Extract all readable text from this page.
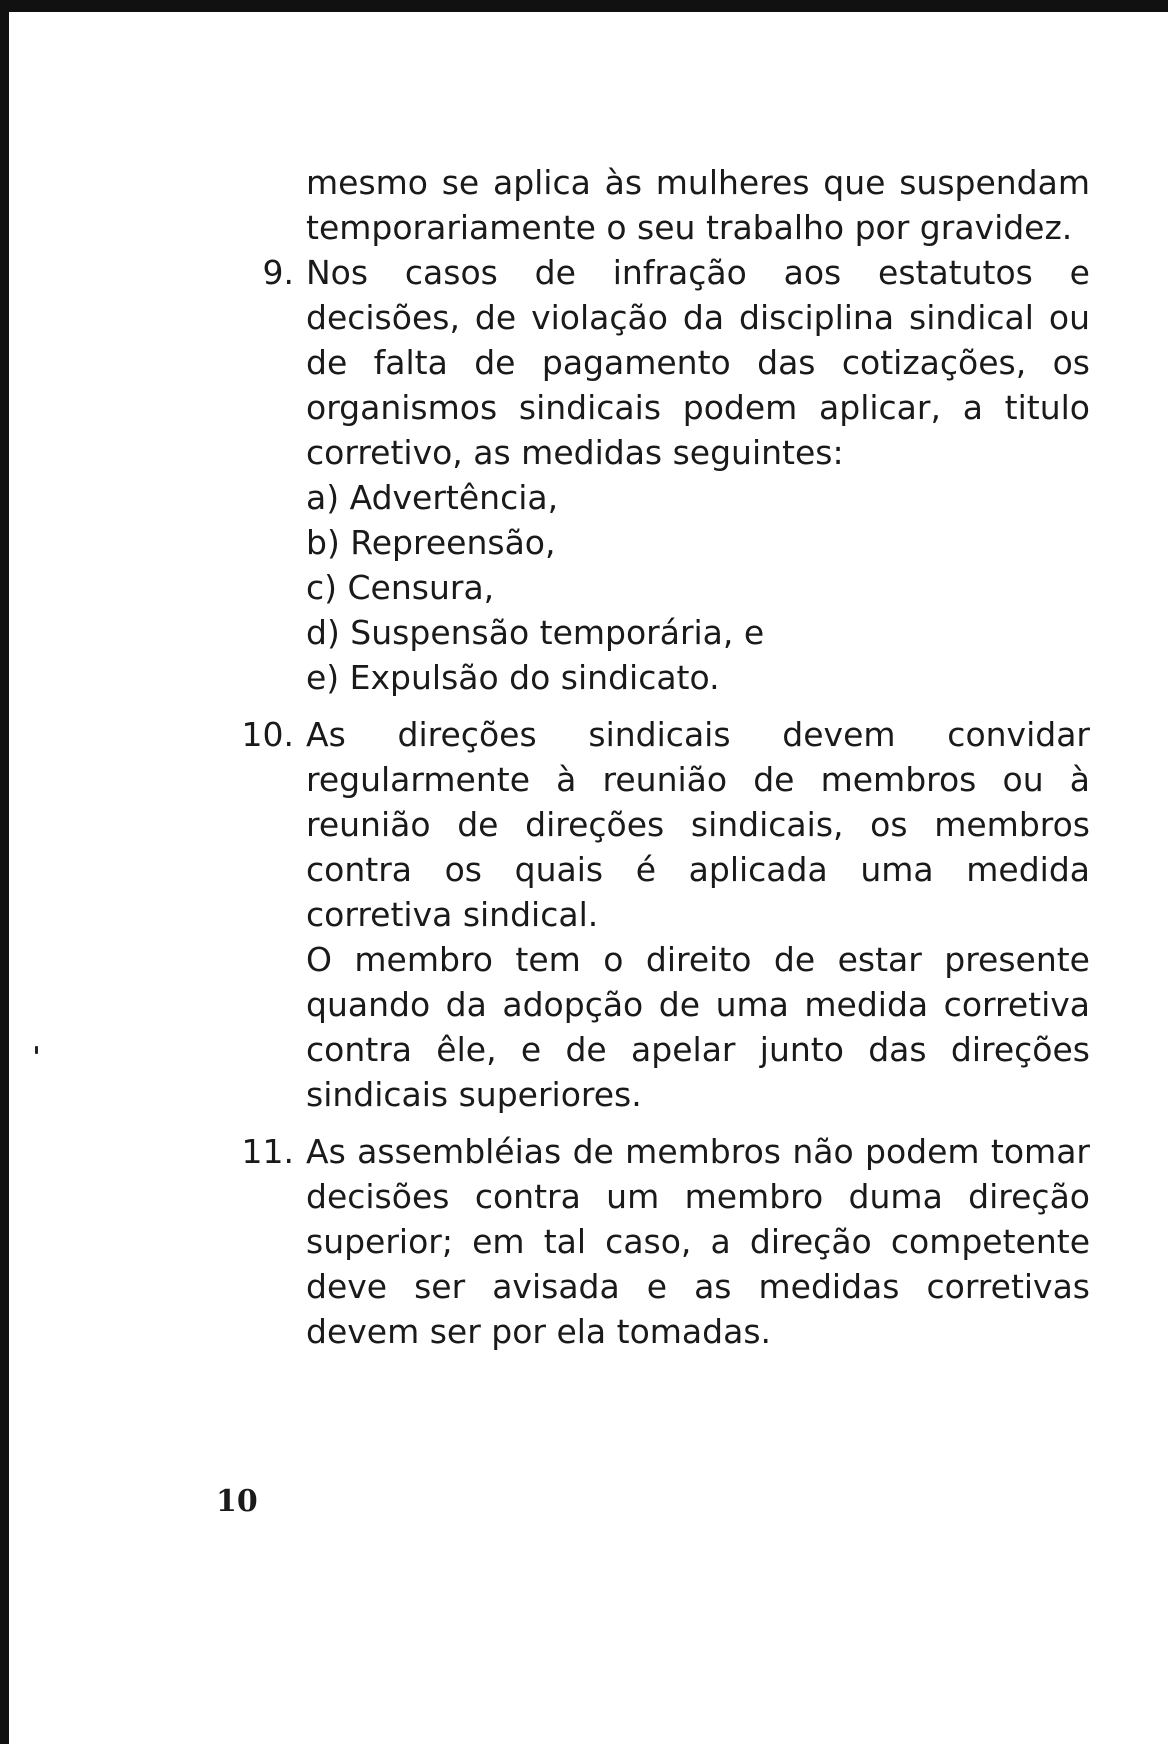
mesmo se aplica às mulheres que suspendam temporariamente o seu trabalho por gravidez.

9. Nos casos de infração aos estatutos e decisões, de violação da disciplina sindical ou de falta de pagamento das cotizações, os organismos sindicais podem aplicar, a titulo corretivo, as medidas seguintes:

a) Advertência,
b) Repreensão,
c) Censura,
d) Suspensão temporária, e
e) Expulsão do sindicato.
10. As direções sindicais devem convidar regularmente à reunião de membros ou à reunião de direções sindicais, os membros contra os quais é aplicada uma medida corretiva sindical.

O membro tem o direito de estar presente quando da adopção de uma medida corretiva contra êle, e de apelar junto das direções sindicais superiores.

11. As assembléias de membros não podem tomar decisões contra um membro duma direção superior; em tal caso, a direção competente deve ser avisada e as medidas corretivas devem ser por ela tomadas.

10
